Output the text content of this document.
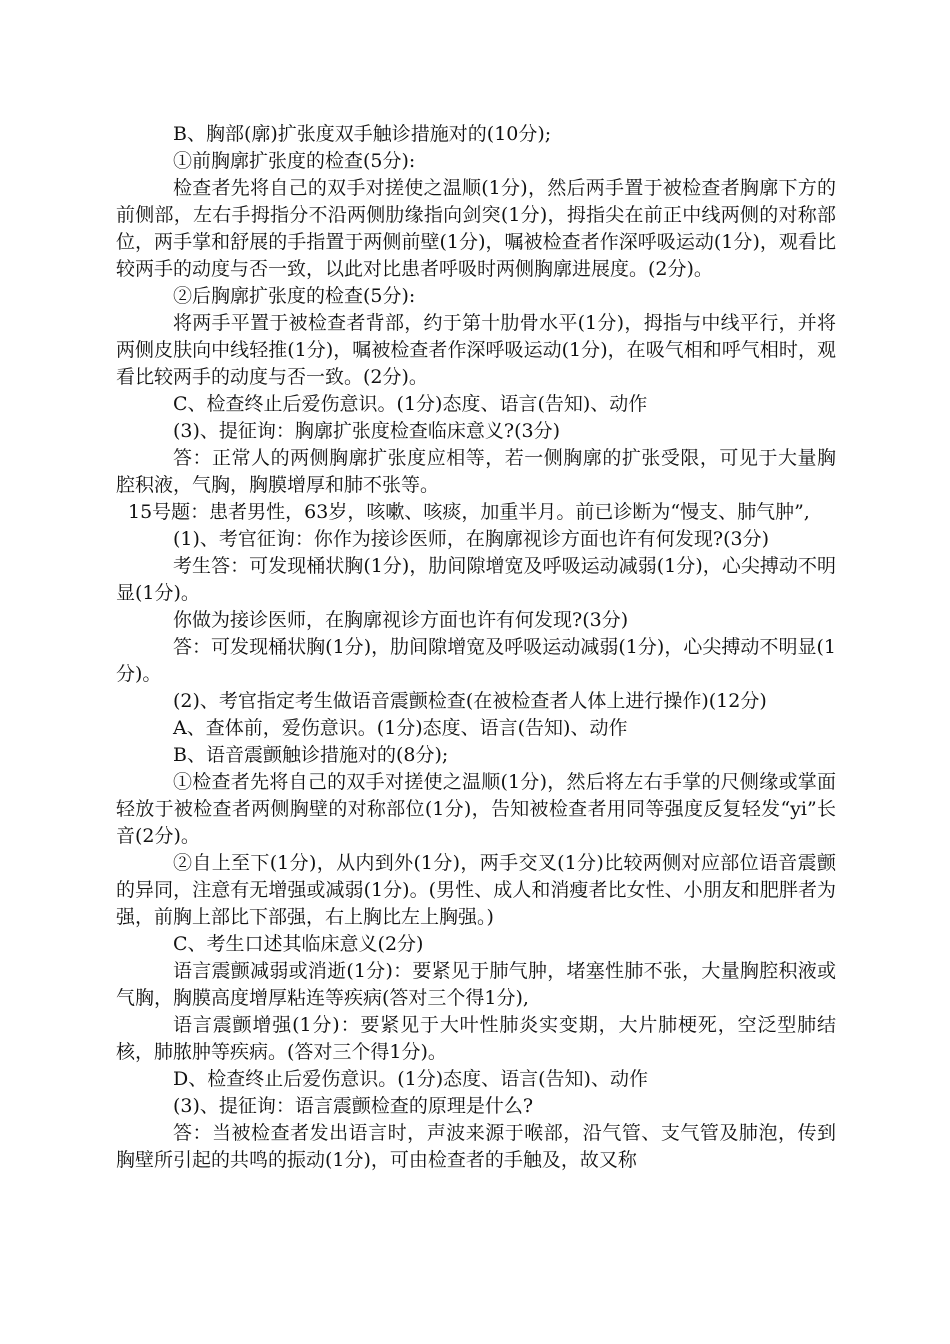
B、胸部(廓)扩张度双手触诊措施对的(10分);

①前胸廓扩张度的检查(5分):

检查者先将自己的双手对搓使之温顺(1分)，然后两手置于被检查者胸廓下方的前侧部，左右手拇指分不沿两侧肋缘指向剑突(1分)，拇指尖在前正中线两侧的对称部位，两手掌和舒展的手指置于两侧前壁(1分)，嘱被检查者作深呼吸运动(1分)，观看比较两手的动度与否一致，以此对比患者呼吸时两侧胸廓进展度。(2分)。

②后胸廓扩张度的检查(5分):

将两手平置于被检查者背部，约于第十肋骨水平(1分)，拇指与中线平行，并将两侧皮肤向中线轻推(1分)，嘱被检查者作深呼吸运动(1分)，在吸气相和呼气相时，观看比较两手的动度与否一致。(2分)。

C、检查终止后爱伤意识。(1分)态度、语言(告知)、动作

(3)、提征询：胸廓扩张度检查临床意义?(3分)

答：正常人的两侧胸廓扩张度应相等，若一侧胸廓的扩张受限，可见于大量胸腔积液，气胸，胸膜增厚和肺不张等。

15号题：患者男性，63岁，咳嗽、咳痰，加重半月。前已诊断为“慢支、肺气肿”,

(1)、考官征询：你作为接诊医师，在胸廓视诊方面也许有何发现?(3分)

考生答：可发现桶状胸(1分)，肋间隙增宽及呼吸运动减弱(1分)，心尖搏动不明显(1分)。

你做为接诊医师，在胸廓视诊方面也许有何发现?(3分)

答：可发现桶状胸(1分)，肋间隙增宽及呼吸运动减弱(1分)，心尖搏动不明显(1分)。

(2)、考官指定考生做语音震颤检查(在被检查者人体上进行操作)(12分)

A、查体前，爱伤意识。(1分)态度、语言(告知)、动作

B、语音震颤触诊措施对的(8分);

①检查者先将自己的双手对搓使之温顺(1分)，然后将左右手掌的尺侧缘或掌面轻放于被检查者两侧胸壁的对称部位(1分)，告知被检查者用同等强度反复轻发“yi”长音(2分)。

②自上至下(1分)，从内到外(1分)，两手交叉(1分)比较两侧对应部位语音震颤的异同，注意有无增强或减弱(1分)。(男性、成人和消瘦者比女性、小朋友和肥胖者为强，前胸上部比下部强，右上胸比左上胸强。)

C、考生口述其临床意义(2分)

语言震颤减弱或消逝(1分)：要紧见于肺气肿，堵塞性肺不张，大量胸腔积液或气胸，胸膜高度增厚粘连等疾病(答对三个得1分),

语言震颤增强(1分)：要紧见于大叶性肺炎实变期，大片肺梗死，空泛型肺结核，肺脓肿等疾病。(答对三个得1分)。

D、检查终止后爱伤意识。(1分)态度、语言(告知)、动作

(3)、提征询：语言震颤检查的原理是什么?

答：当被检查者发出语言时，声波来源于喉部，沿气管、支气管及肺泡，传到胸壁所引起的共鸣的振动(1分)，可由检查者的手触及，故又称
